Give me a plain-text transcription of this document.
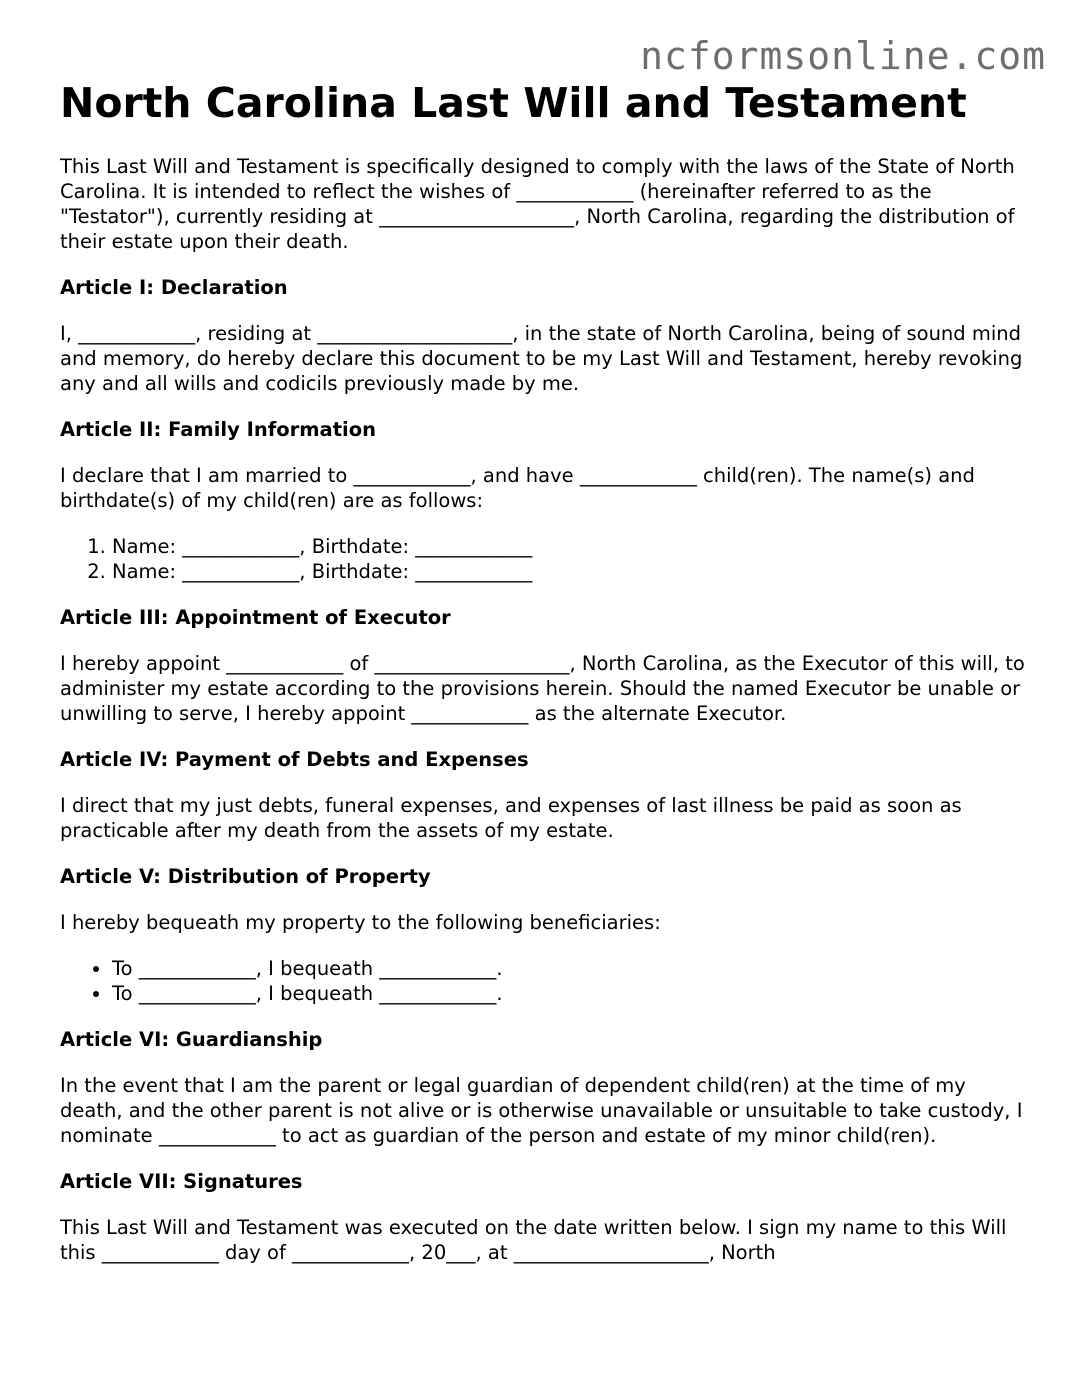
ncformsonline.com
North Carolina Last Will and Testament

This Last Will and Testament is specifically designed to comply with the laws of the State of North Carolina. It is intended to reflect the wishes of ____________ (hereinafter referred to as the "Testator"), currently residing at ____________________, North Carolina, regarding the distribution of their estate upon their death.

Article I: Declaration

I, ____________, residing at ____________________, in the state of North Carolina, being of sound mind and memory, do hereby declare this document to be my Last Will and Testament, hereby revoking any and all wills and codicils previously made by me.

Article II: Family Information

I declare that I am married to ____________, and have ____________ child(ren). The name(s) and birthdate(s) of my child(ren) are as follows:

1. Name: ____________, Birthdate: ____________
2. Name: ____________, Birthdate: ____________
Article III: Appointment of Executor

I hereby appoint ____________ of ____________________, North Carolina, as the Executor of this will, to administer my estate according to the provisions herein. Should the named Executor be unable or unwilling to serve, I hereby appoint ____________ as the alternate Executor.

Article IV: Payment of Debts and Expenses

I direct that my just debts, funeral expenses, and expenses of last illness be paid as soon as practicable after my death from the assets of my estate.

Article V: Distribution of Property

I hereby bequeath my property to the following beneficiaries:

• To ____________, I bequeath ____________.
• To ____________, I bequeath ____________.
Article VI: Guardianship

In the event that I am the parent or legal guardian of dependent child(ren) at the time of my death, and the other parent is not alive or is otherwise unavailable or unsuitable to take custody, I nominate ____________ to act as guardian of the person and estate of my minor child(ren).

Article VII: Signatures

This Last Will and Testament was executed on the date written below. I sign my name to this Will this ____________ day of ____________, 20___, at ____________________, North
